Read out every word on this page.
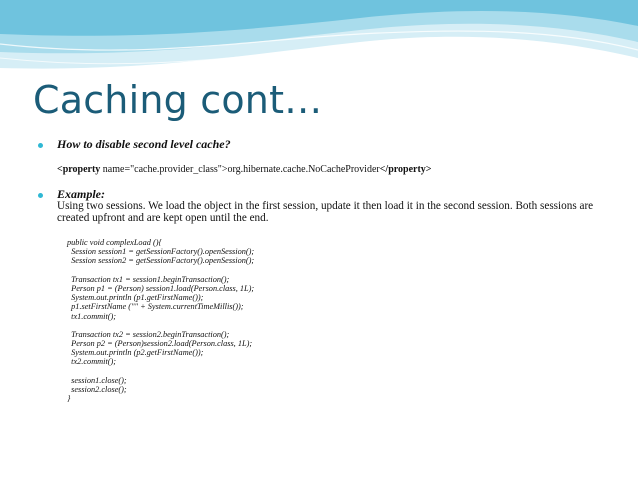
Caching cont…

How to disable second level cache?

<property name="cache.provider_class">org.hibernate.cache.NoCacheProvider</property>

Example:

Using two sessions. We load the object in the first session, update it then load it in the second session. Both sessions are created upfront and are kept open until the end.

public void complexLoad (){
Session session1 = getSessionFactory().openSession();
Session session2 = getSessionFactory().openSession();
Transaction tx1 = session1.beginTransaction();
Person p1 = (Person) session1.load(Person.class, 1L);
System.out.println (p1.getFirstName());
p1.setFirstName ("" + System.currentTimeMillis());
tx1.commit();
Transaction tx2 = session2.beginTransaction();
Person p2 = (Person)session2.load(Person.class, 1L);
System.out.println (p2.getFirstName());
tx2.commit();
session1.close();
session2.close();
}
